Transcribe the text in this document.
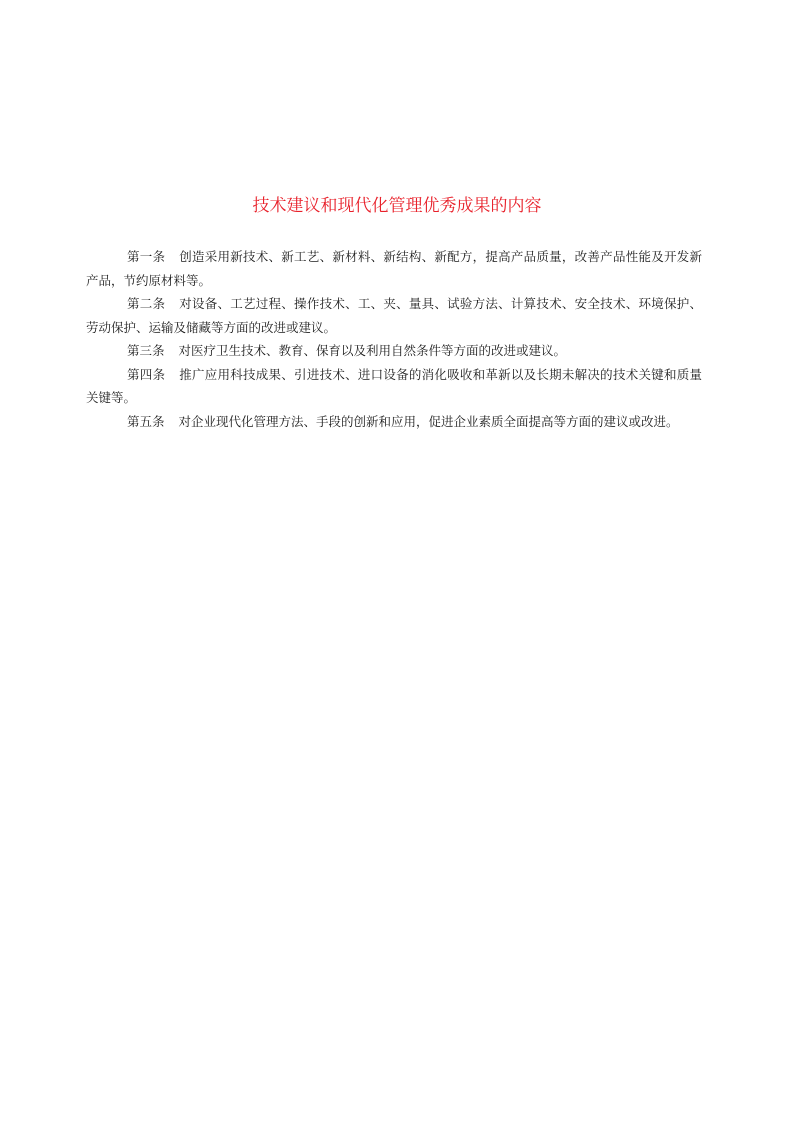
技术建议和现代化管理优秀成果的内容

第一条 创造采用新技术、新工艺、新材料、新结构、新配方，提高产品质量，改善产品性能及开发新产品，节约原材料等。

第二条 对设备、工艺过程、操作技术、工、夹、量具、试验方法、计算技术、安全技术、环境保护、劳动保护、运输及储藏等方面的改进或建议。

第三条 对医疗卫生技术、教育、保育以及利用自然条件等方面的改进或建议。

第四条 推广应用科技成果、引进技术、进口设备的消化吸收和革新以及长期未解决的技术关键和质量关键等。

第五条 对企业现代化管理方法、手段的创新和应用，促进企业素质全面提高等方面的建议或改进。
